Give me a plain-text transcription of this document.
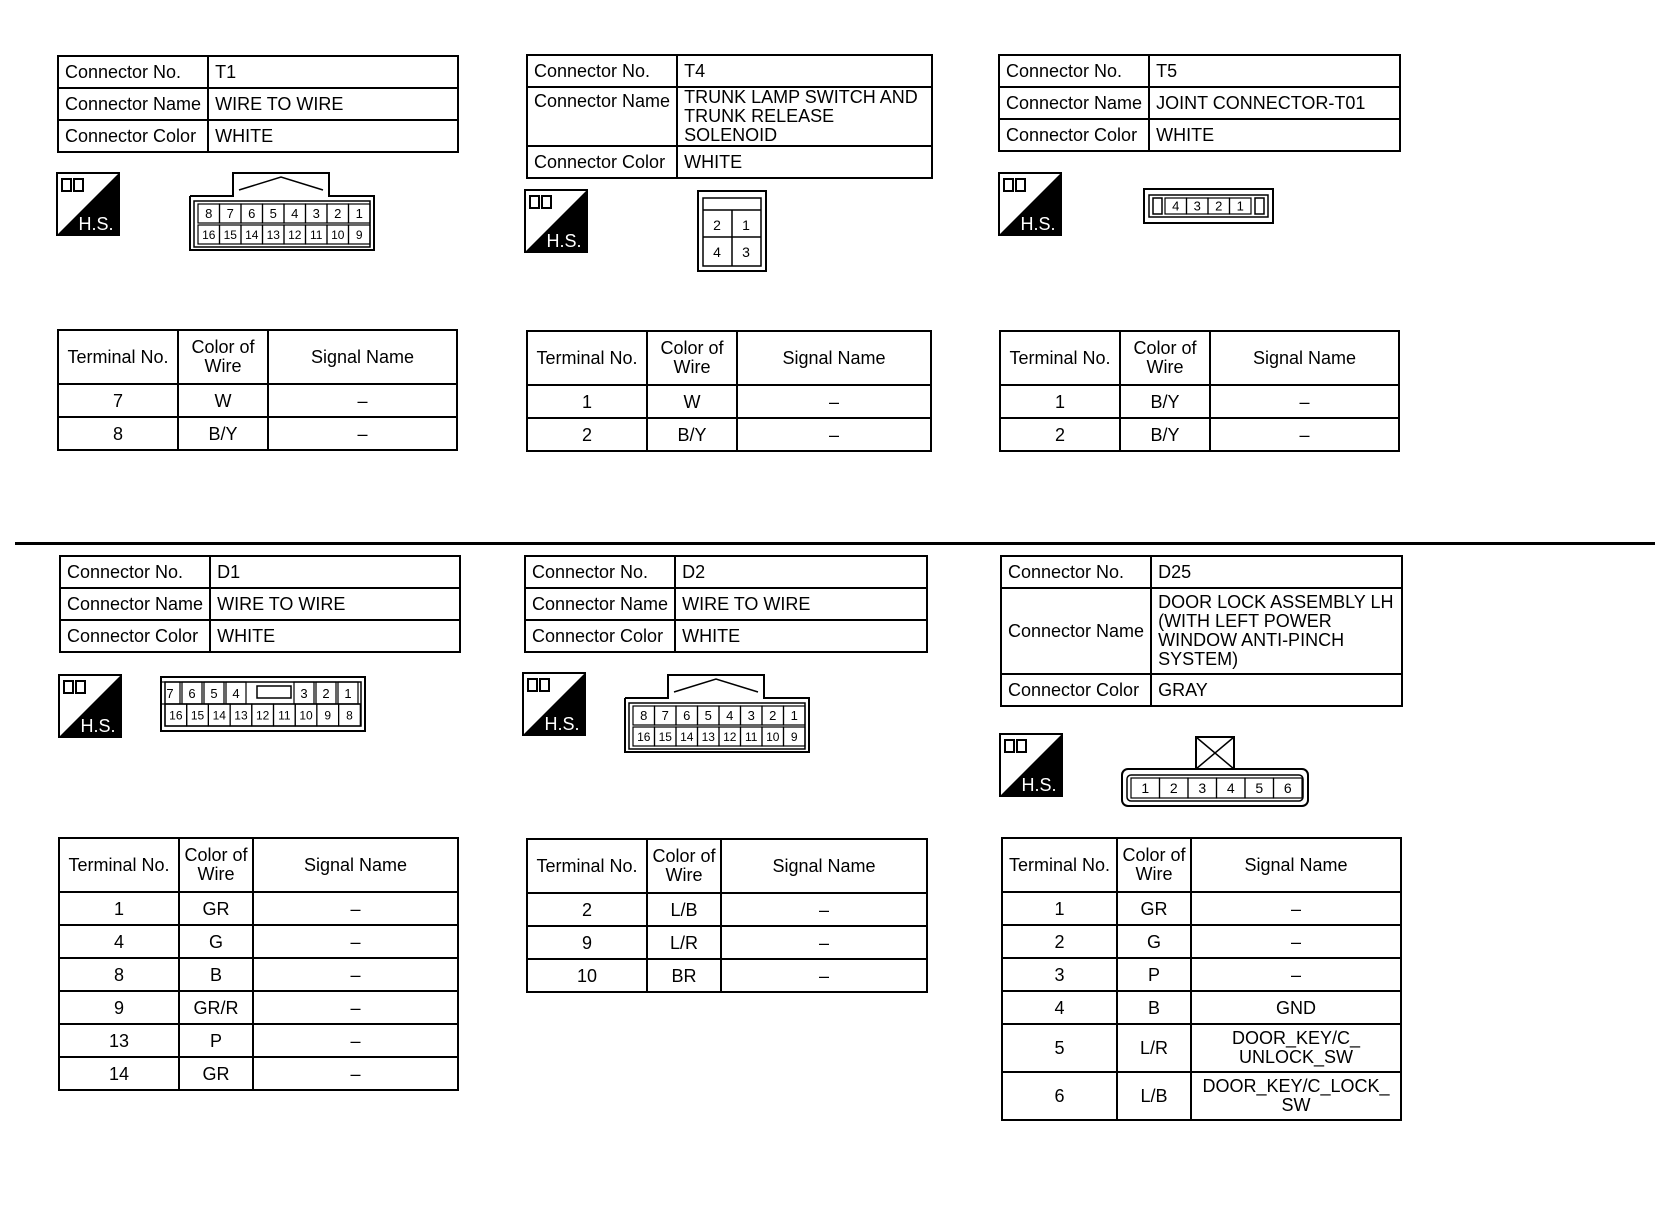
Connector No.	T1
Connector Name	WIRE TO WIRE
Connector Color	WHITE
H.S.
8 7 6 5 4 3 2 1
16 15 14 13 12 11 10 9
Terminal No.	Color of Wire	Signal Name
7	W	–
8	B/Y	–
Connector No.	T4
Connector Name	TRUNK LAMP SWITCH AND TRUNK RELEASE SOLENOID
Connector Color	WHITE
H.S.
2 1
4 3
Terminal No.	Color of Wire	Signal Name
1	W	–
2	B/Y	–
Connector No.	T5
Connector Name	JOINT CONNECTOR-T01
Connector Color	WHITE
H.S.
4 3 2 1
Terminal No.	Color of Wire	Signal Name
1	B/Y	–
2	B/Y	–
Connector No.	D1
Connector Name	WIRE TO WIRE
Connector Color	WHITE
H.S.
7 6 5 4	3 2 1
16 15 14 13 12 11 10 9 8
Terminal No.	Color of Wire	Signal Name
1	GR	–
4	G	–
8	B	–
9	GR/R	–
13	P	–
14	GR	–
Connector No.	D2
Connector Name	WIRE TO WIRE
Connector Color	WHITE
H.S.	8 7 6 5 4 3 2 1
16 15 14 13 12 11 10 9
Terminal No.	Color of Wire	Signal Name
2	L/B	–
9	L/R	–
10	BR	–
Connector No.	D25
Connector Name	DOOR LOCK ASSEMBLY LH (WITH LEFT POWER WINDOW ANTI-PINCH SYSTEM)
Connector Color	GRAY
H.S.	1 2 3 4 5 6
Terminal No.	Color of Wire	Signal Name
1	GR	–
2	G	–
3	P	–
4	B	GND
5	L/R	DOOR_KEY/C_ UNLOCK_SW
6	L/B	DOOR_KEY/C_LOCK_ SW
